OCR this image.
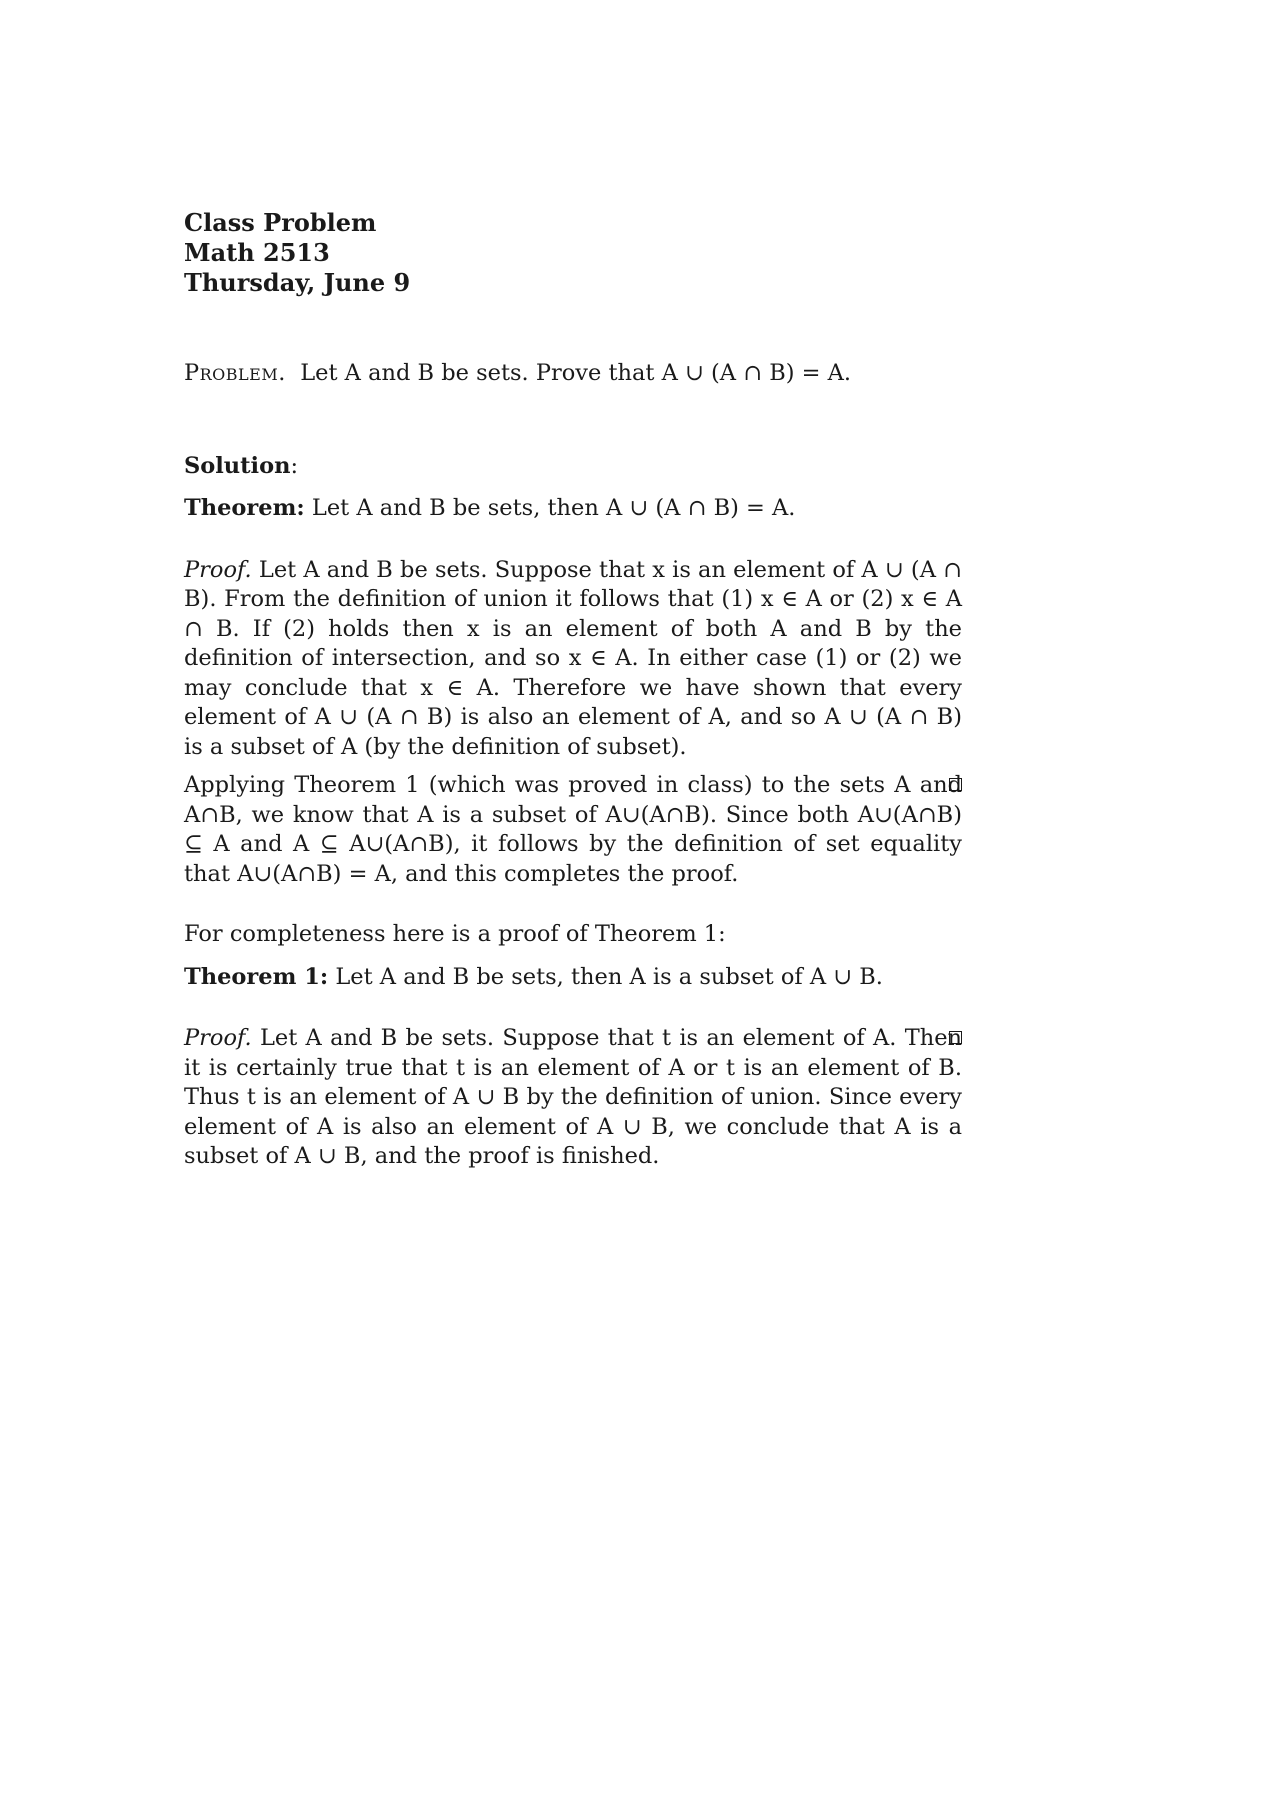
Class Problem
Math 2513
Thursday, June 9
Problem. Let A and B be sets. Prove that A ∪ (A ∩ B) = A.
Solution:
Theorem: Let A and B be sets, then A ∪ (A ∩ B) = A.
Proof. Let A and B be sets. Suppose that x is an element of A ∪ (A ∩ B). From the definition of union it follows that (1) x ∈ A or (2) x ∈ A ∩ B. If (2) holds then x is an element of both A and B by the definition of intersection, and so x ∈ A. In either case (1) or (2) we may conclude that x ∈ A. Therefore we have shown that every element of A ∪ (A ∩ B) is also an element of A, and so A ∪ (A ∩ B) is a subset of A (by the definition of subset).
Applying Theorem 1 (which was proved in class) to the sets A and A∩B, we know that A is a subset of A∪(A∩B). Since both A∪(A∩B) ⊆ A and A ⊆ A∪(A∩B), it follows by the definition of set equality that A∪(A∩B) = A, and this completes the proof.
For completeness here is a proof of Theorem 1:
Theorem 1: Let A and B be sets, then A is a subset of A ∪ B.
Proof. Let A and B be sets. Suppose that t is an element of A. Then it is certainly true that t is an element of A or t is an element of B. Thus t is an element of A ∪ B by the definition of union. Since every element of A is also an element of A ∪ B, we conclude that A is a subset of A ∪ B, and the proof is finished.
